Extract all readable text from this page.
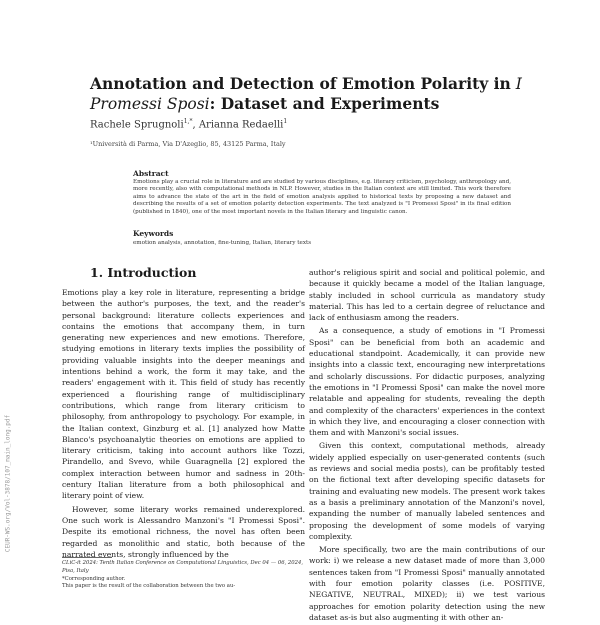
CEUR-WS.org/Vol-3878/107_main_long.pdf
Annotation and Detection of Emotion Polarity in I Promessi Sposi: Dataset and Experiments
Rachele Sprugnoli$^{1,*}$, Arianna Redaelli$^1$
¹Università di Parma, Via D'Azeglio, 85, 43125 Parma, Italy
Abstract
Emotions play a crucial role in literature and are studied by various disciplines, e.g. literary criticism, psychology, anthropology and, more recently, also with computational methods in NLP. However, studies in the Italian context are still limited. This work therefore aims to advance the state of the art in the field of emotion analysis applied to historical texts by proposing a new dataset and describing the results of a set of emotion polarity detection experiments. The text analyzed is "I Promessi Sposi" in its final edition (published in 1840), one of the most important novels in the Italian literary and linguistic canon.
Keywords
emotion analysis, annotation, fine-tuning, Italian, literary texts
1. Introduction

Emotions play a key role in literature, representing a bridge between the author's purposes, the text, and the reader's personal background: literature collects experiences and contains the emotions that accompany them, in turn generating new experiences and new emotions. Therefore, studying emotions in literary texts implies the possibility of providing valuable insights into the deeper meanings and intentions behind a work, the form it may take, and the readers' engagement with it. This field of study has recently experienced a flourishing range of multidisciplinary contributions, which range from literary criticism to philosophy, from anthropology to psychology. For example, in the Italian context, Ginzburg et al. [1] analyzed how Matte Blanco's psychoanalytic theories on emotions are applied to literary criticism, taking into account authors like Tozzi, Pirandello, and Svevo, while Guaragnella [2] explored the complex interaction between humor and sadness in 20th-century Italian literature from a both philosophical and literary point of view.

However, some literary works remained underexplored. One such work is Alessandro Manzoni's "I Promessi Sposi". Despite its emotional richness, the novel has often been regarded as monolithic and static, both because of the narrated events, strongly influenced by the

author's religious spirit and social and political polemic, and because it quickly became a model of the Italian language, stably included in school curricula as mandatory study material. This has led to a certain degree of reluctance and lack of enthusiasm among the readers.

As a consequence, a study of emotions in "I Promessi Sposi" can be beneficial from both an academic and educational standpoint. Academically, it can provide new insights into a classic text, encouraging new interpretations and scholarly discussions. For didactic purposes, analyzing the emotions in "I Promessi Sposi" can make the novel more relatable and appealing for students, revealing the depth and complexity of the characters' experiences in the context in which they live, and encouraging a closer connection with them and with Manzoni's social issues.

Given this context, computational methods, already widely applied especially on user-generated contents (such as reviews and social media posts), can be profitably tested on the fictional text after developing specific datasets for training and evaluating new models. The present work takes as a basis a preliminary annotation of the Manzoni's novel, expanding the number of manually labeled sentences and proposing the development of some models of varying complexity.

More specifically, two are the main contributions of our work: i) we release a new dataset made of more than 3,000 sentences taken from "I Promessi Sposi" manually annotated with four emotion polarity classes (i.e. POSITIVE, NEGATIVE, NEUTRAL, MIXED); ii) we test various approaches for emotion polarity detection using the new dataset as-is but also augmenting it with other an-

CLiC-it 2024: Tenth Italian Conference on Computational Linguistics, Dec 04 — 06, 2024, Pisa, Italy
*Corresponding author.
This paper is the result of the collaboration between the two au-
